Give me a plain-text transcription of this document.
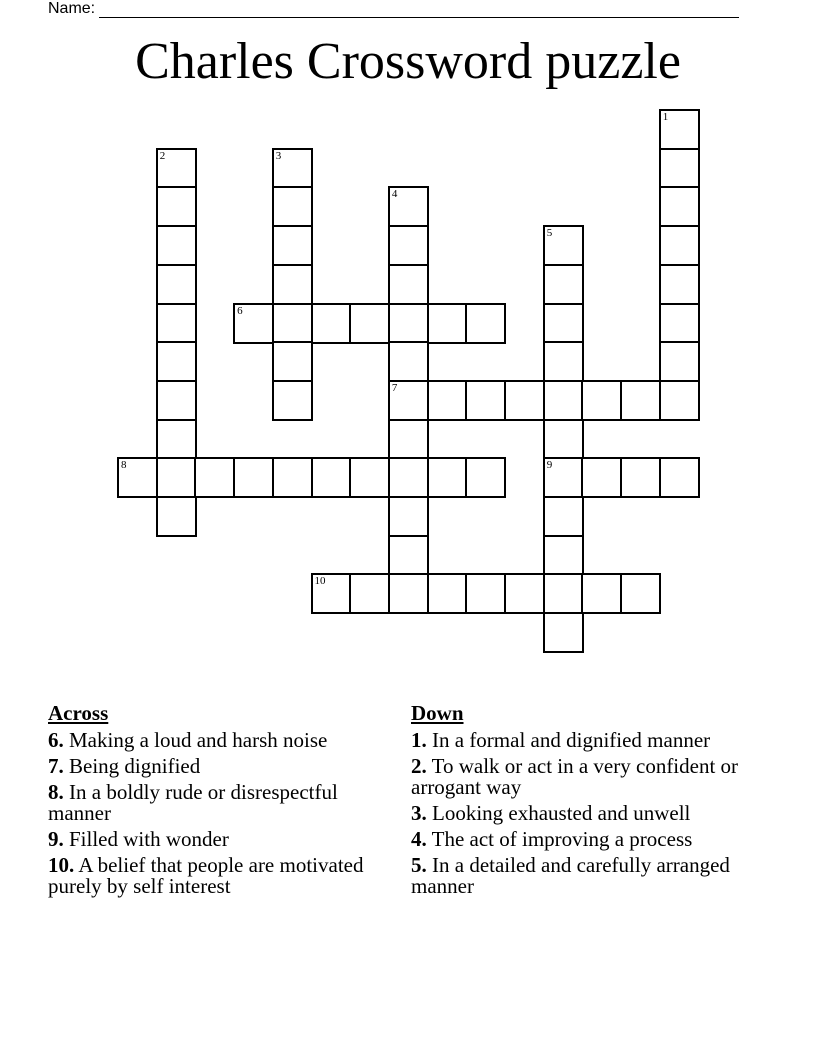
Name:
Charles Crossword puzzle
1
2	3
4
7
5
9
6
8
10
Across
6. Making a loud and harsh noise
7. Being dignified
8. In a boldly rude or disrespectful manner
9. Filled with wonder
10. A belief that people are motivated purely by self interest
Down
1. In a formal and dignified manner
2. To walk or act in a very confident or arrogant way
3. Looking exhausted and unwell
4. The act of improving a process
5. In a detailed and carefully arranged manner
